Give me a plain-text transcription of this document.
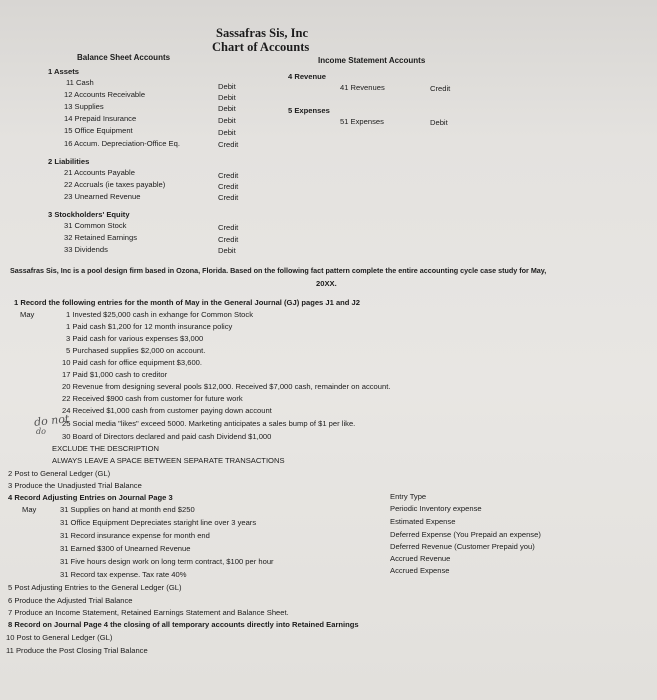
Sassafras Sis, Inc
Chart of Accounts
Balance Sheet Accounts
1 Assets
11 Cash	Debit
12 Accounts Receivable	Debit
13 Supplies	Debit
14 Prepaid Insurance	Debit
15 Office Equipment	Debit
16 Accum. Depreciation-Office Eq.	Credit
2 Liabilities
21 Accounts Payable	Credit
22 Accruals (ie taxes payable)	Credit
23 Unearned Revenue	Credit
3 Stockholders' Equity
31 Common Stock	Credit
32 Retained Earnings	Credit
33 Dividends	Debit
Income Statement Accounts
4 Revenue
41 Revenues	Credit
5 Expenses
51 Expenses	Debit
Sassafras Sis, Inc is a pool design firm based in Ozona, Florida. Based on the following fact pattern complete the entire accounting cycle case study for May,
20XX.
1 Record the following entries for the month of May in the General Journal (GJ) pages J1 and J2
May	1 Invested $25,000 cash in exhange for Common Stock
1 Paid cash $1,200 for 12 month insurance policy
3 Paid cash for various expenses $3,000
5 Purchased supplies $2,000 on account.
10 Paid cash for office equipment $3,600.
17 Paid $1,000 cash to creditor
20 Revenue from designing several pools $12,000. Received $7,000 cash, remainder on account.
22 Received $900 cash from customer for future work
24 Received $1,000 cash from customer paying down account
25 Social media "likes" exceed 5000. Marketing anticipates a sales bump of $1 per like.
30 Board of Directors declared and paid cash Dividend $1,000
EXCLUDE THE DESCRIPTION
ALWAYS LEAVE A SPACE BETWEEN SEPARATE TRANSACTIONS
do not
do
2 Post to General Ledger (GL)
3 Produce the Unadjusted Trial Balance
4 Record Adjusting Entries on Journal Page 3	Entry Type
May	31 Supplies on hand at month end $250	Periodic Inventory expense
31 Office Equipment Depreciates staright line over 3 years	Estimated Expense
31 Record insurance expense for month end	Deferred Expense (You Prepaid an expense)
31 Earned $300 of Unearned Revenue	Deferred Revenue (Customer Prepaid you)
31 Five hours design work on long term contract, $100 per hour	Accrued Revenue
31 Record tax expense. Tax rate 40%	Accrued Expense
5 Post Adjusting Entries to the General Ledger (GL)
6 Produce the Adjusted Trial Balance
7 Produce an Income Statement, Retained Earnings Statement and Balance Sheet.
8 Record on Journal Page 4 the closing of all temporary accounts directly into Retained Earnings
10 Post to General Ledger (GL)
11 Produce the Post Closing Trial Balance
